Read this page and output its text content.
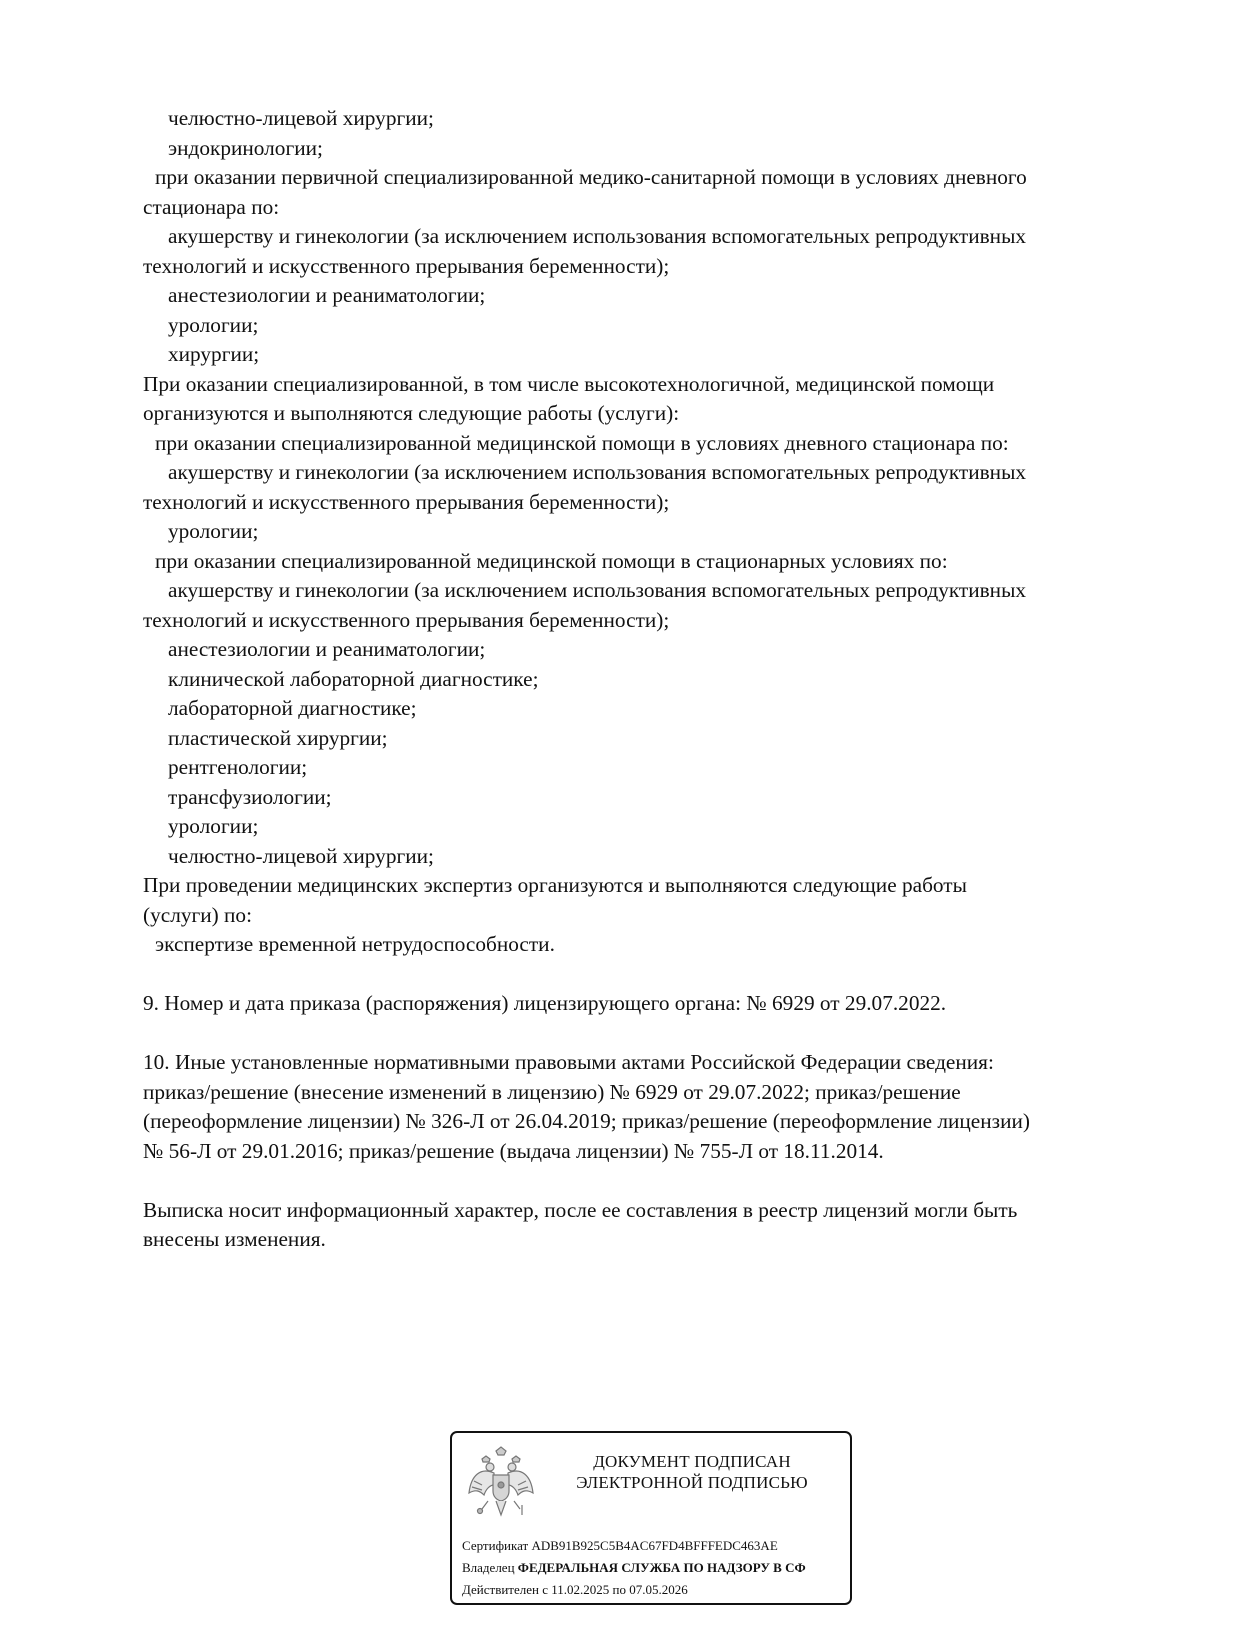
челюстно-лицевой хирургии;
эндокринологии;
при оказании первичной специализированной медико-санитарной помощи в условиях дневного
стационара по:
акушерству и гинекологии (за исключением использования вспомогательных репродуктивных
технологий и искусственного прерывания беременности);
анестезиологии и реаниматологии;
урологии;
хирургии;
При оказании специализированной, в том числе высокотехнологичной, медицинской помощи
организуются и выполняются следующие работы (услуги):
при оказании специализированной медицинской помощи в условиях дневного стационара по:
акушерству и гинекологии (за исключением использования вспомогательных репродуктивных
технологий и искусственного прерывания беременности);
урологии;
при оказании специализированной медицинской помощи в стационарных условиях по:
акушерству и гинекологии (за исключением использования вспомогательных репродуктивных
технологий и искусственного прерывания беременности);
анестезиологии и реаниматологии;
клинической лабораторной диагностике;
лабораторной диагностике;
пластической хирургии;
рентгенологии;
трансфузиологии;
урологии;
челюстно-лицевой хирургии;
При проведении медицинских экспертиз организуются и выполняются следующие работы
(услуги) по:
экспертизе временной нетрудоспособности.
9. Номер и дата приказа (распоряжения) лицензирующего органа: № 6929 от 29.07.2022.
10. Иные установленные нормативными правовыми актами Российской Федерации сведения:
приказ/решение (внесение изменений в лицензию) № 6929 от 29.07.2022; приказ/решение
(переоформление лицензии) № 326-Л от 26.04.2019; приказ/решение (переоформление лицензии)
№ 56-Л от 29.01.2016; приказ/решение (выдача лицензии) № 755-Л от 18.11.2014.
Выписка носит информационный характер, после ее составления в реестр лицензий могли быть
внесены изменения.
ДОКУМЕНТ ПОДПИСАН
ЭЛЕКТРОННОЙ ПОДПИСЬЮ
Сертификат ADB91B925C5B4AC67FD4BFFFEDC463AE
Владелец ФЕДЕРАЛЬНАЯ СЛУЖБА ПО НАДЗОРУ В СФ
Действителен с 11.02.2025 по 07.05.2026
